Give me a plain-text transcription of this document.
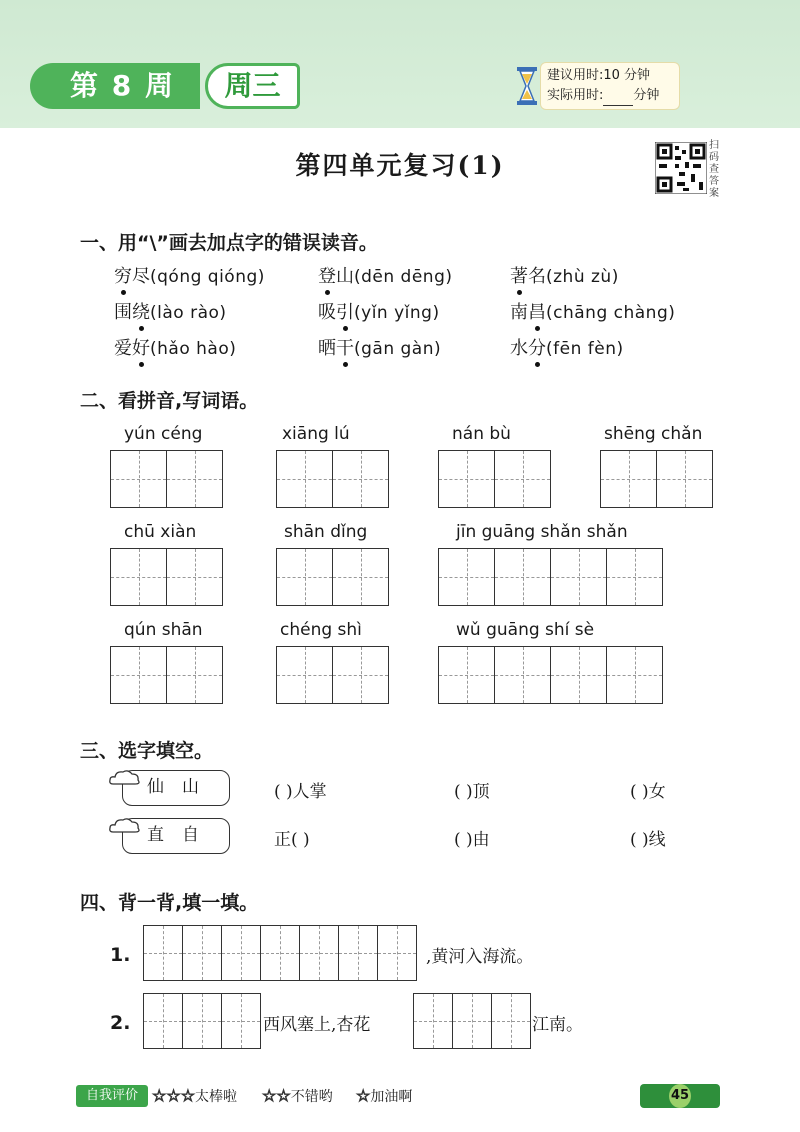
第 8 周	周三	建议用时:10 分钟
实际用时: 分钟
第四单元复习(1)
扫码查答案
一、用“\”画去加点字的错误读音。
穷尽(qóng qióng)	登山(dēn dēng)	著名(zhù zù)
围绕(lào rào)	吸引(yǐn yǐng)	南昌(chāng chàng)
爱好(hǎo hào)	晒干(gān gàn)	水分(fēn fèn)
二、看拼音,写词语。
yún céng	xiāng lú	nán bù	shēng chǎn
chū xiàn	shān dǐng	jīn guāng shǎn shǎn
qún shān	chéng shì	wǔ guāng shí sè
三、选字填空。
仙山	( )人掌	( )顶	( )女
直自	正( )	( )由	( )线
四、背一背,填一填。
1.	,黄河入海流。
2.	西风塞上,杏花	江南。
自我评价 ☆☆☆太棒啦 ☆☆不错哟 ☆加油啊	45
